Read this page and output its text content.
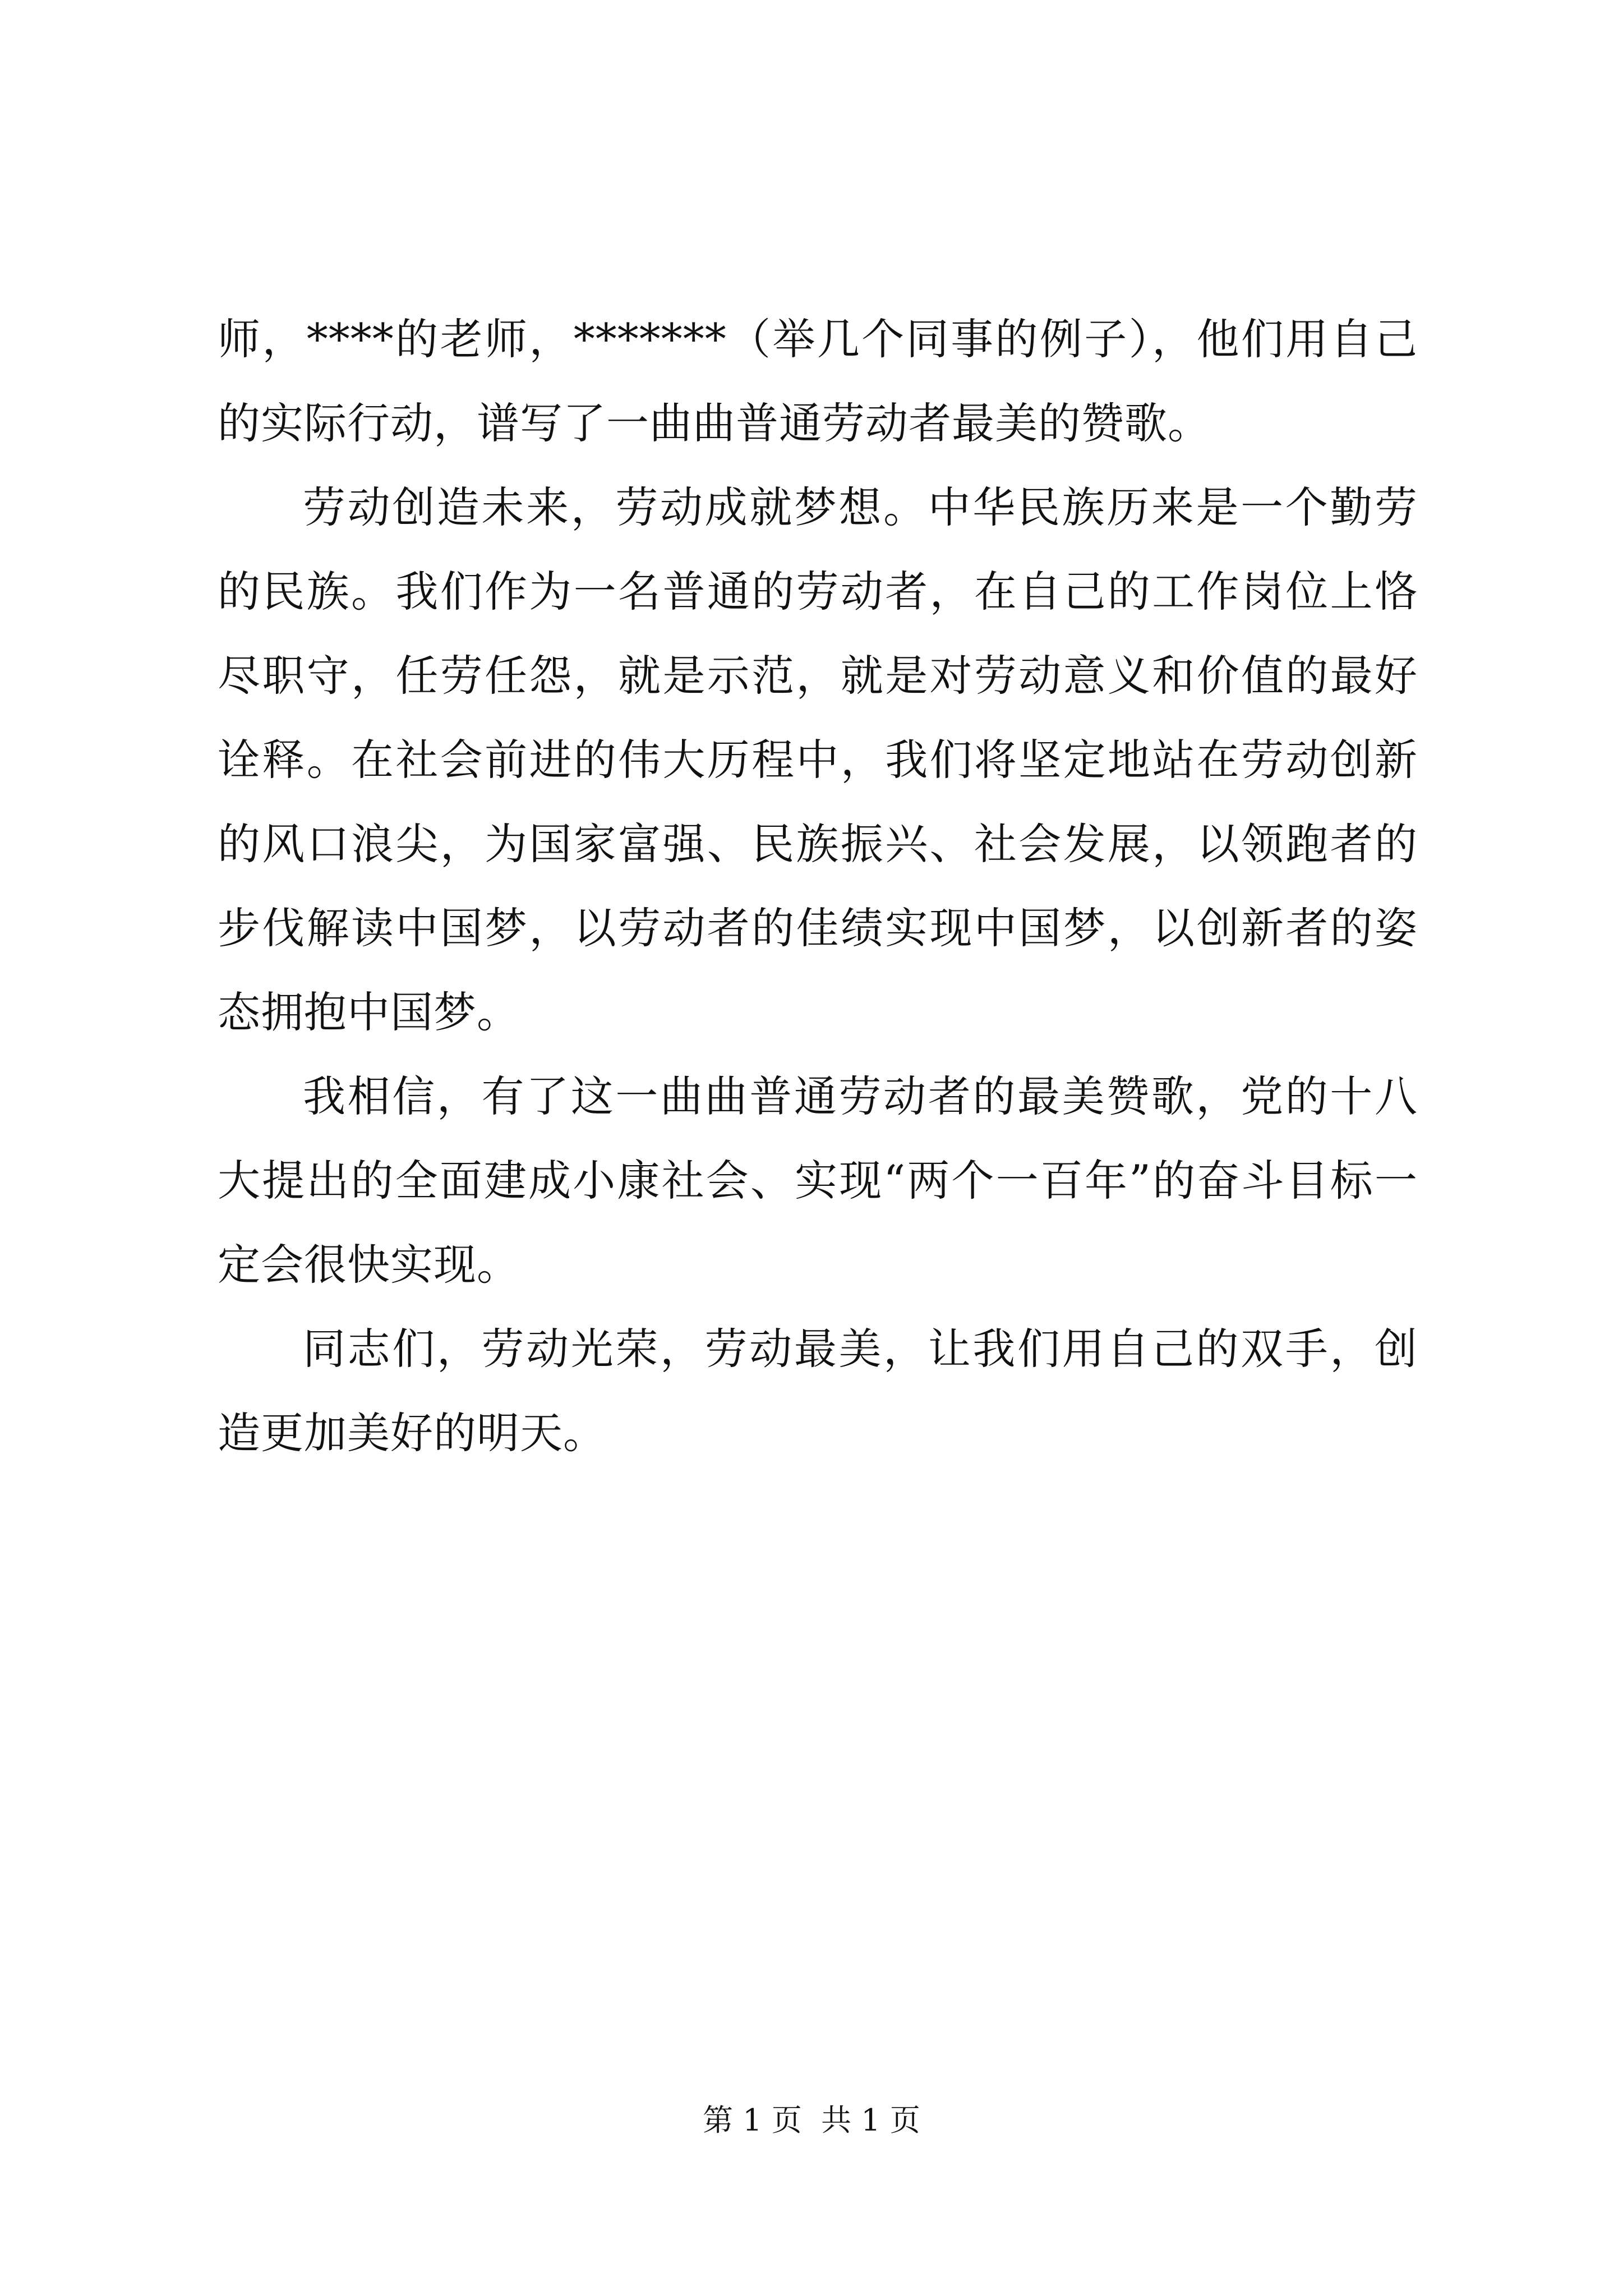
师，****的老师，*******（举几个同事的例子），他们用自己的实际行动，谱写了一曲曲普通劳动者最美的赞歌。

劳动创造未来，劳动成就梦想。中华民族历来是一个勤劳的民族。我们作为一名普通的劳动者，在自己的工作岗位上恪尽职守，任劳任怨，就是示范，就是对劳动意义和价值的最好诠释。在社会前进的伟大历程中，我们将坚定地站在劳动创新的风口浪尖，为国家富强、民族振兴、社会发展，以领跑者的步伐解读中国梦，以劳动者的佳绩实现中国梦，以创新者的姿态拥抱中国梦。

我相信，有了这一曲曲普通劳动者的最美赞歌，党的十八大提出的全面建成小康社会、实现“两个一百年”的奋斗目标一定会很快实现。

同志们，劳动光荣，劳动最美，让我们用自己的双手，创造更加美好的明天。

第 1 页  共 1 页
